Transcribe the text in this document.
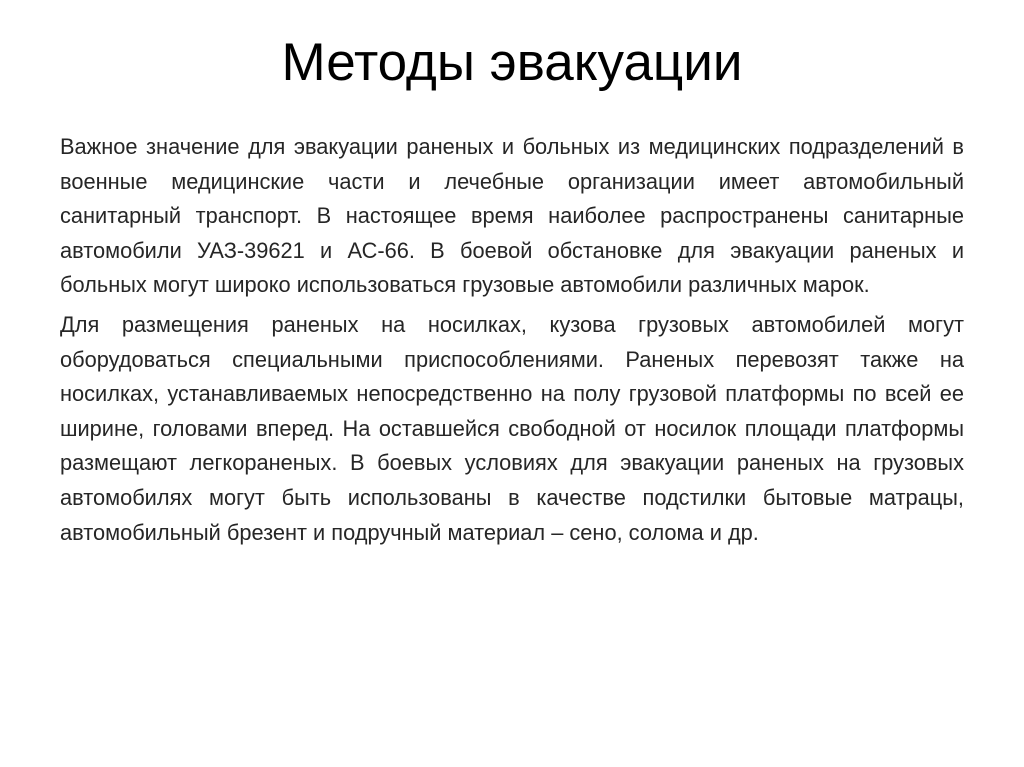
Методы эвакуации

Важное значение для эвакуации раненых и больных из медицинских подразделений в военные медицинские части и лечебные организации имеет автомобильный санитарный транспорт. В настоящее время наиболее распространены санитарные автомобили УАЗ-39621 и АС-66. В боевой обстановке для эвакуации раненых и больных могут широко использоваться грузовые автомобили различных марок.

Для размещения раненых на носилках, кузова грузовых автомобилей могут оборудоваться специальными приспособлениями. Раненых перевозят также на носилках, устанавливаемых непосредственно на полу грузовой платформы по всей ее ширине, головами вперед. На оставшейся свободной от носилок площади платформы размещают легкораненых. В боевых условиях для эвакуации раненых на грузовых автомобилях могут быть использованы в качестве подстилки бытовые матрацы, автомобильный брезент и подручный материал – сено, солома и др.
